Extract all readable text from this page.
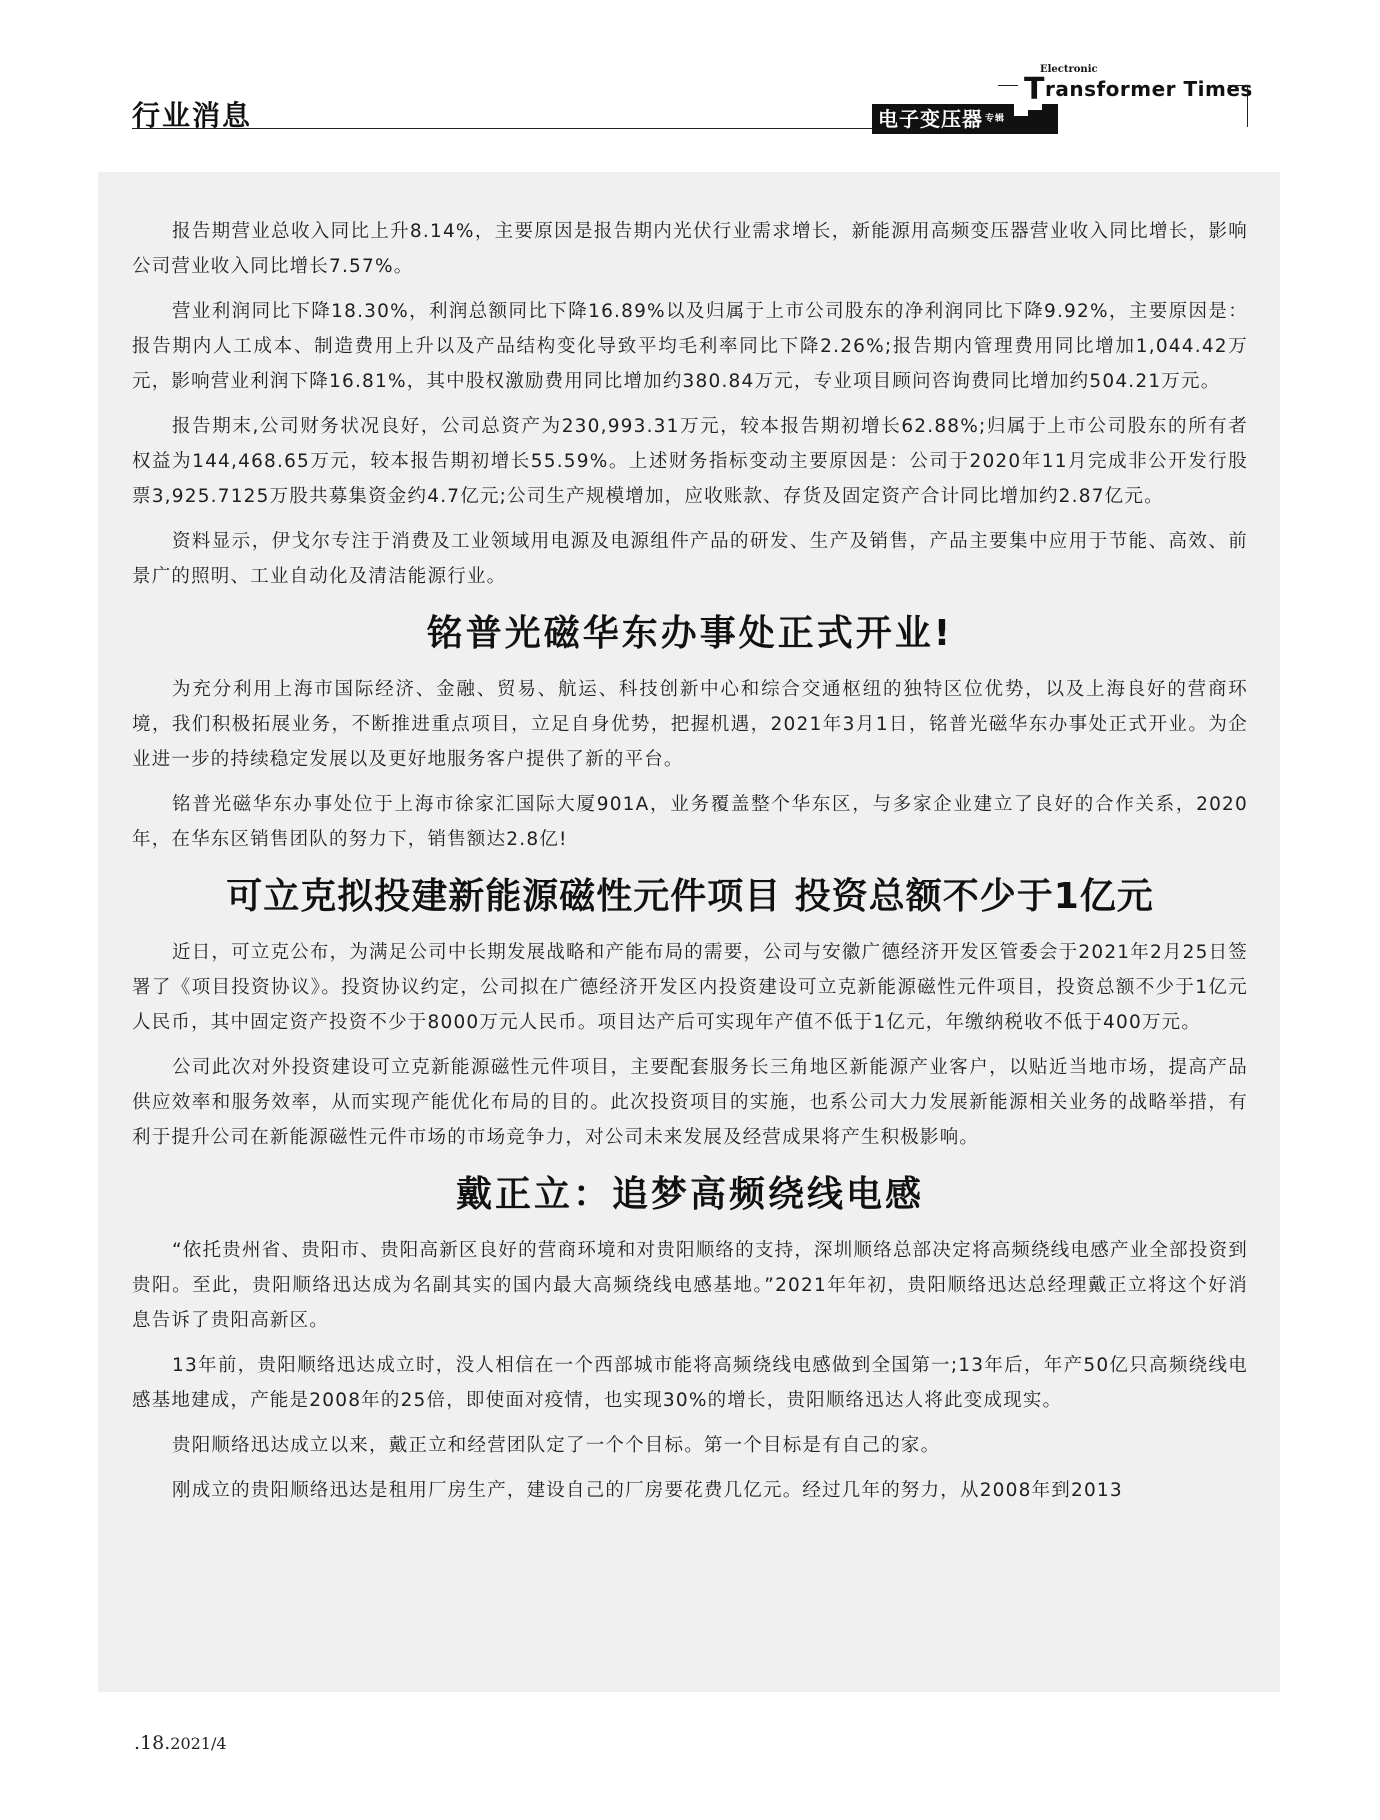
行业消息	电子变压器 $^{专辑}$
Electronic
Transformer Times

报告期营业总收入同比上升8.14%，主要原因是报告期内光伏行业需求增长，新能源用高频变压器营业收入同比增长，影响公司营业收入同比增长7.57%。

营业利润同比下降18.30%，利润总额同比下降16.89%以及归属于上市公司股东的净利润同比下降9.92%，主要原因是：报告期内人工成本、制造费用上升以及产品结构变化导致平均毛利率同比下降2.26%;报告期内管理费用同比增加1,044.42万元，影响营业利润下降16.81%，其中股权激励费用同比增加约380.84万元，专业项目顾问咨询费同比增加约504.21万元。

报告期末,公司财务状况良好，公司总资产为230,993.31万元，较本报告期初增长62.88%;归属于上市公司股东的所有者权益为144,468.65万元，较本报告期初增长55.59%。上述财务指标变动主要原因是：公司于2020年11月完成非公开发行股票3,925.7125万股共募集资金约4.7亿元;公司生产规模增加，应收账款、存货及固定资产合计同比增加约2.87亿元。

资料显示，伊戈尔专注于消费及工业领域用电源及电源组件产品的研发、生产及销售，产品主要集中应用于节能、高效、前景广的照明、工业自动化及清洁能源行业。

铭普光磁华东办事处正式开业!

为充分利用上海市国际经济、金融、贸易、航运、科技创新中心和综合交通枢纽的独特区位优势，以及上海良好的营商环境，我们积极拓展业务，不断推进重点项目，立足自身优势，把握机遇，2021年3月1日，铭普光磁华东办事处正式开业。为企业进一步的持续稳定发展以及更好地服务客户提供了新的平台。

铭普光磁华东办事处位于上海市徐家汇国际大厦901A，业务覆盖整个华东区，与多家企业建立了良好的合作关系，2020年，在华东区销售团队的努力下，销售额达2.8亿!

可立克拟投建新能源磁性元件项目 投资总额不少于1亿元

近日，可立克公布，为满足公司中长期发展战略和产能布局的需要，公司与安徽广德经济开发区管委会于2021年2月25日签署了《项目投资协议》。投资协议约定，公司拟在广德经济开发区内投资建设可立克新能源磁性元件项目，投资总额不少于1亿元人民币，其中固定资产投资不少于8000万元人民币。项目达产后可实现年产值不低于1亿元，年缴纳税收不低于400万元。

公司此次对外投资建设可立克新能源磁性元件项目，主要配套服务长三角地区新能源产业客户，以贴近当地市场，提高产品供应效率和服务效率，从而实现产能优化布局的目的。此次投资项目的实施，也系公司大力发展新能源相关业务的战略举措，有利于提升公司在新能源磁性元件市场的市场竞争力，对公司未来发展及经营成果将产生积极影响。

戴正立：追梦高频绕线电感

“依托贵州省、贵阳市、贵阳高新区良好的营商环境和对贵阳顺络的支持，深圳顺络总部决定将高频绕线电感产业全部投资到贵阳。至此，贵阳顺络迅达成为名副其实的国内最大高频绕线电感基地。”2021年年初，贵阳顺络迅达总经理戴正立将这个好消息告诉了贵阳高新区。

13年前，贵阳顺络迅达成立时，没人相信在一个西部城市能将高频绕线电感做到全国第一;13年后，年产50亿只高频绕线电感基地建成，产能是2008年的25倍，即使面对疫情，也实现30%的增长，贵阳顺络迅达人将此变成现实。

贵阳顺络迅达成立以来，戴正立和经营团队定了一个个目标。第一个目标是有自己的家。

刚成立的贵阳顺络迅达是租用厂房生产，建设自己的厂房要花费几亿元。经过几年的努力，从2008年到2013

.18.2021/4
